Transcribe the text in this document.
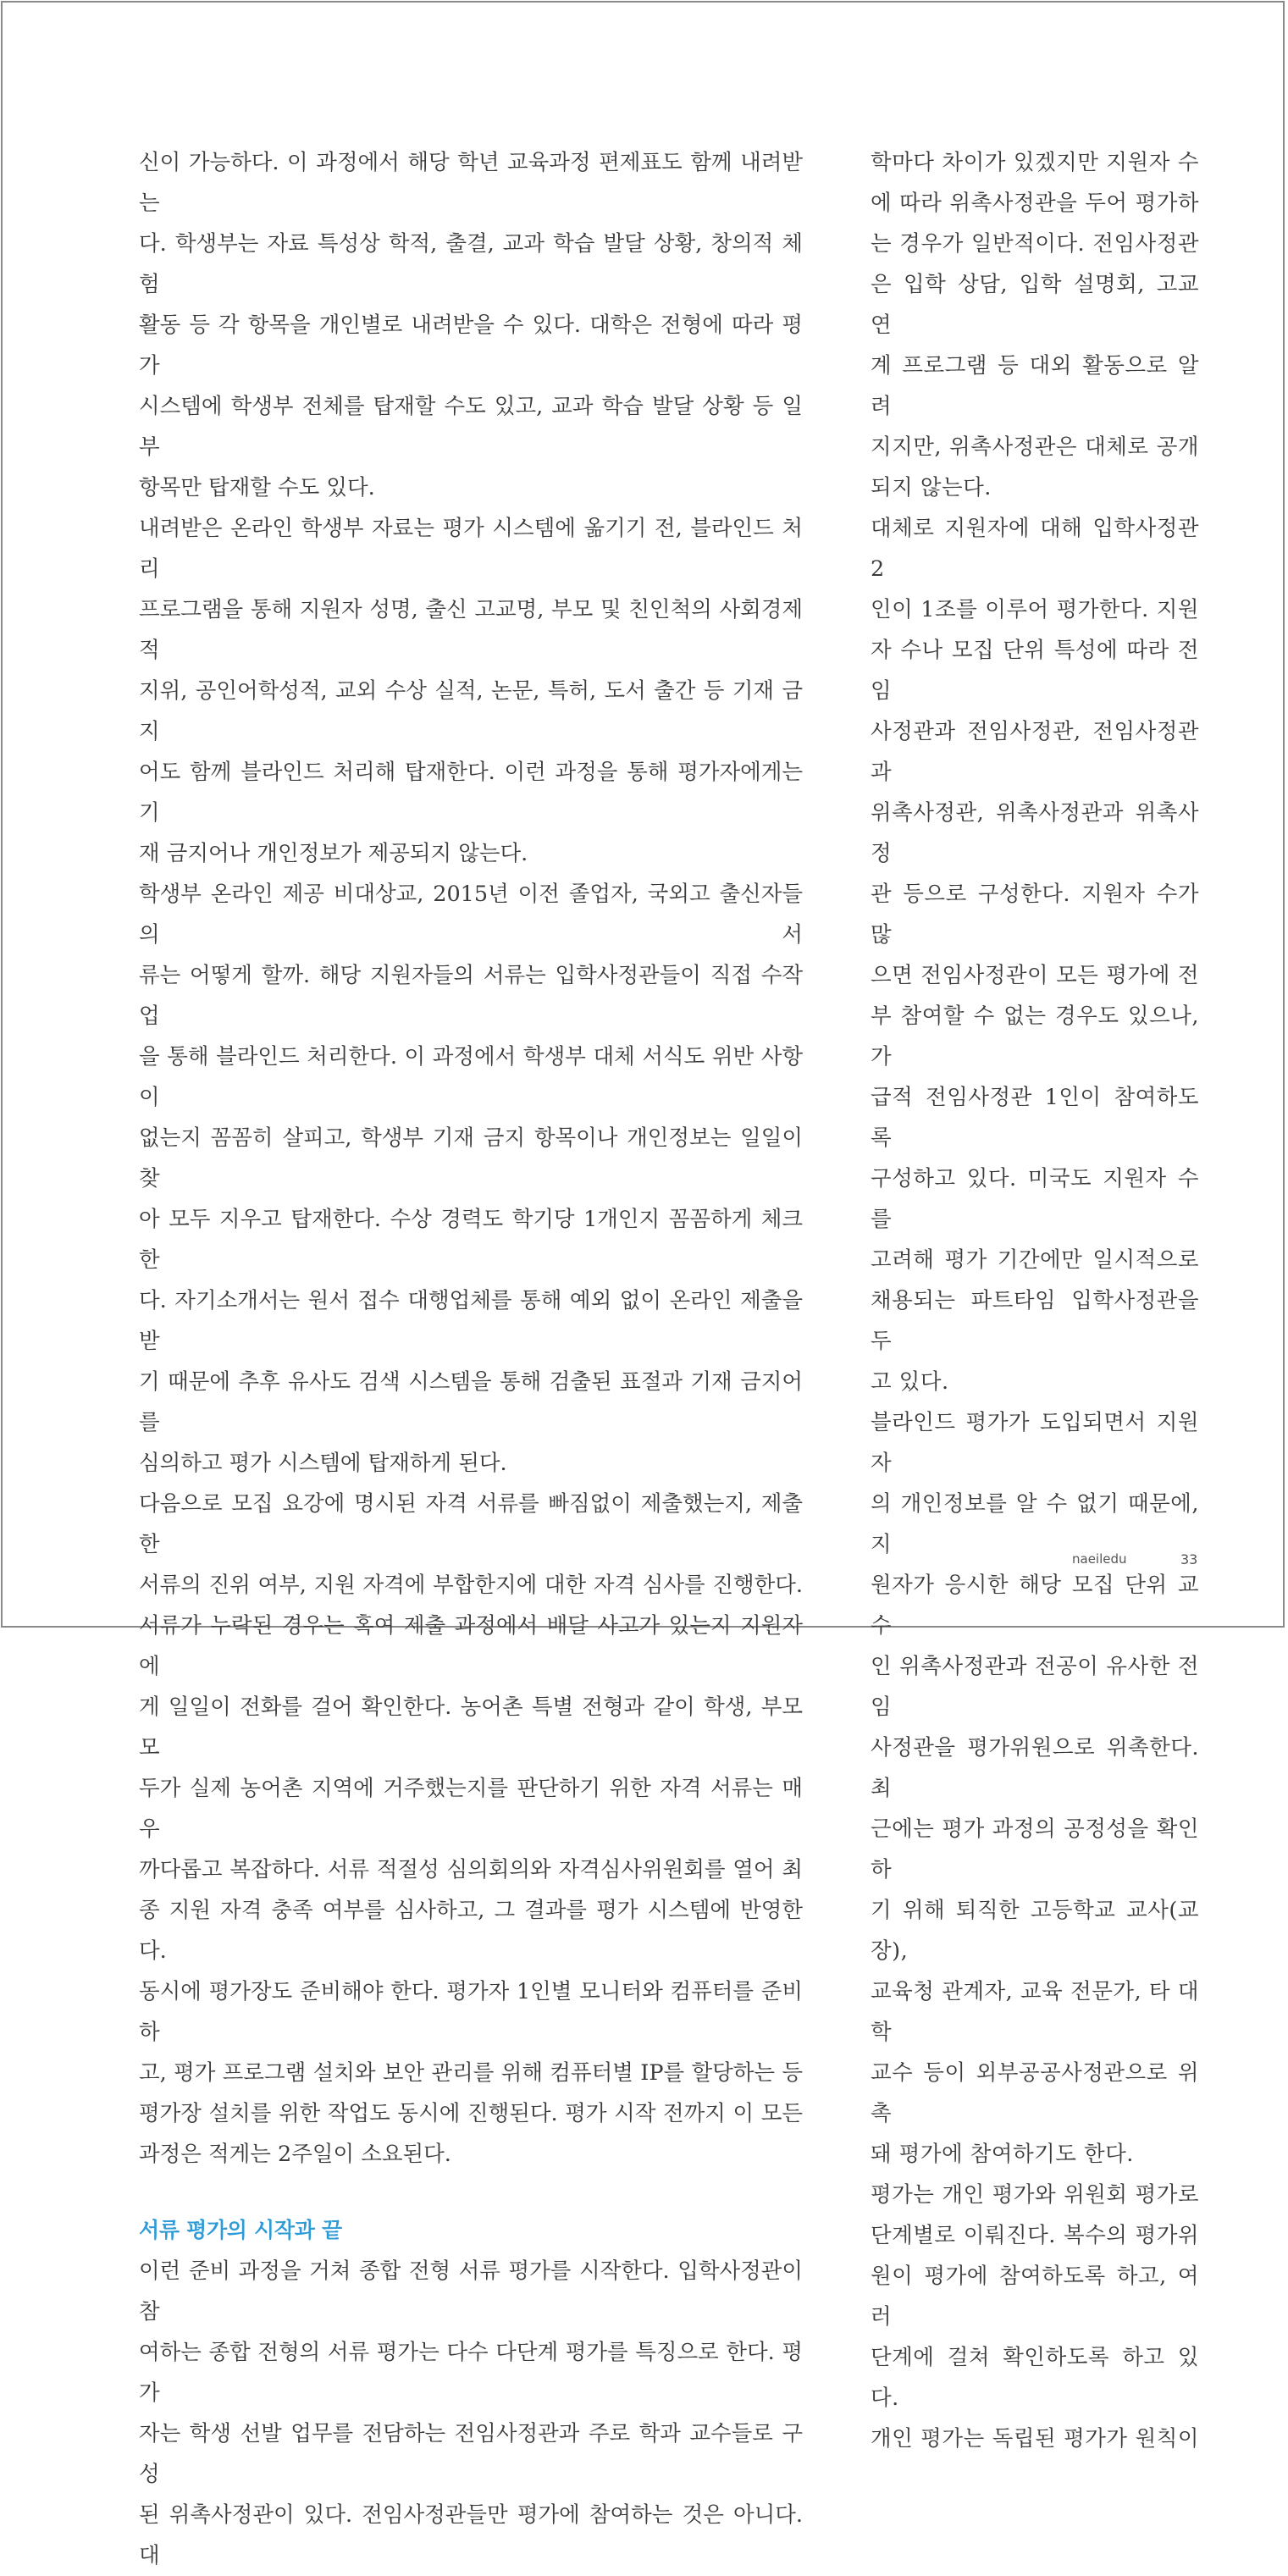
신이 가능하다. 이 과정에서 해당 학년 교육과정 편제표도 함께 내려받는

다. 학생부는 자료 특성상 학적, 출결, 교과 학습 발달 상황, 창의적 체험

활동 등 각 항목을 개인별로 내려받을 수 있다. 대학은 전형에 따라 평가

시스템에 학생부 전체를 탑재할 수도 있고, 교과 학습 발달 상황 등 일부

항목만 탑재할 수도 있다.

내려받은 온라인 학생부 자료는 평가 시스템에 옮기기 전, 블라인드 처리

프로그램을 통해 지원자 성명, 출신 고교명, 부모 및 친인척의 사회경제적

지위, 공인어학성적, 교외 수상 실적, 논문, 특허, 도서 출간 등 기재 금지

어도 함께 블라인드 처리해 탑재한다. 이런 과정을 통해 평가자에게는 기

재 금지어나 개인정보가 제공되지 않는다.

학생부 온라인 제공 비대상교, 2015년 이전 졸업자, 국외고 출신자들의 서

류는 어떻게 할까. 해당 지원자들의 서류는 입학사정관들이 직접 수작업

을 통해 블라인드 처리한다. 이 과정에서 학생부 대체 서식도 위반 사항이

없는지 꼼꼼히 살피고, 학생부 기재 금지 항목이나 개인정보는 일일이 찾

아 모두 지우고 탑재한다. 수상 경력도 학기당 1개인지 꼼꼼하게 체크한

다. 자기소개서는 원서 접수 대행업체를 통해 예외 없이 온라인 제출을 받

기 때문에 추후 유사도 검색 시스템을 통해 검출된 표절과 기재 금지어를

심의하고 평가 시스템에 탑재하게 된다.

다음으로 모집 요강에 명시된 자격 서류를 빠짐없이 제출했는지, 제출한

서류의 진위 여부, 지원 자격에 부합한지에 대한 자격 심사를 진행한다.

서류가 누락된 경우는 혹여 제출 과정에서 배달 사고가 있는지 지원자에

게 일일이 전화를 걸어 확인한다. 농어촌 특별 전형과 같이 학생, 부모 모

두가 실제 농어촌 지역에 거주했는지를 판단하기 위한 자격 서류는 매우

까다롭고 복잡하다. 서류 적절성 심의회의와 자격심사위원회를 열어 최

종 지원 자격 충족 여부를 심사하고, 그 결과를 평가 시스템에 반영한다.

동시에 평가장도 준비해야 한다. 평가자 1인별 모니터와 컴퓨터를 준비하

고, 평가 프로그램 설치와 보안 관리를 위해 컴퓨터별 IP를 할당하는 등

평가장 설치를 위한 작업도 동시에 진행된다. 평가 시작 전까지 이 모든

과정은 적게는 2주일이 소요된다.

서류 평가의 시작과 끝

이런 준비 과정을 거쳐 종합 전형 서류 평가를 시작한다. 입학사정관이 참

여하는 종합 전형의 서류 평가는 다수 다단계 평가를 특징으로 한다. 평가

자는 학생 선발 업무를 전담하는 전임사정관과 주로 학과 교수들로 구성

된 위촉사정관이 있다. 전임사정관들만 평가에 참여하는 것은 아니다. 대

학마다 차이가 있겠지만 지원자 수

에 따라 위촉사정관을 두어 평가하

는 경우가 일반적이다. 전임사정관

은 입학 상담, 입학 설명회, 고교 연

계 프로그램 등 대외 활동으로 알려

지지만, 위촉사정관은 대체로 공개

되지 않는다.

대체로 지원자에 대해 입학사정관 2

인이 1조를 이루어 평가한다. 지원

자 수나 모집 단위 특성에 따라 전임

사정관과 전임사정관, 전임사정관과

위촉사정관, 위촉사정관과 위촉사정

관 등으로 구성한다. 지원자 수가 많

으면 전임사정관이 모든 평가에 전

부 참여할 수 없는 경우도 있으나, 가

급적 전임사정관 1인이 참여하도록

구성하고 있다. 미국도 지원자 수를

고려해 평가 기간에만 일시적으로

채용되는 파트타임 입학사정관을 두

고 있다.

블라인드 평가가 도입되면서 지원자

의 개인정보를 알 수 없기 때문에, 지

원자가 응시한 해당 모집 단위 교수

인 위촉사정관과 전공이 유사한 전임

사정관을 평가위원으로 위촉한다. 최

근에는 평가 과정의 공정성을 확인하

기 위해 퇴직한 고등학교 교사(교장),

교육청 관계자, 교육 전문가, 타 대학

교수 등이 외부공공사정관으로 위촉

돼 평가에 참여하기도 한다.

평가는 개인 평가와 위원회 평가로

단계별로 이뤄진다. 복수의 평가위

원이 평가에 참여하도록 하고, 여러

단계에 걸쳐 확인하도록 하고 있다.

개인 평가는 독립된 평가가 원칙이

naeiledu	33
